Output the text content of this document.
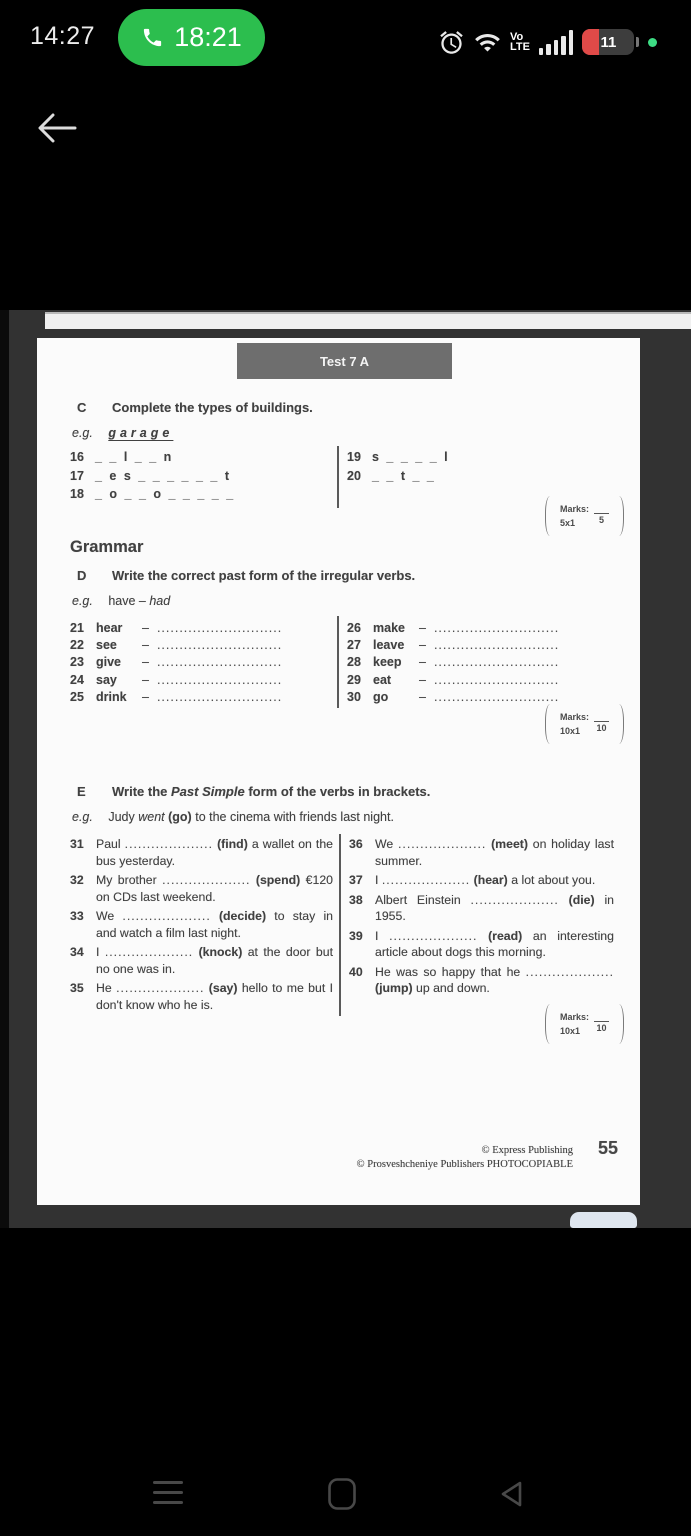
14:27	18:21	Vo
LTE	11
Test 7 A
C Complete the types of buildings.
e.g. garage
16 _ _ l _ _ n
17 _ e s _ _ _ _ _ _ t
18 _ o _ _ o _ _ _ _ _
19 s _ _ _ _ l
20 _ _ t _ _
Marks:
5x1	5
Grammar
D Write the correct past form of the irregular verbs.
e.g. have – had
21 hear	– ............................
22 see	– ............................
23 give	– ............................
24 say	– ............................
25 drink	– ............................
26 make	– ............................
27 leave	– ............................
28 keep	– ............................
29 eat	– ............................
30 go	– ............................
Marks:
10x1	10
E Write the Past Simple form of the verbs in brackets.
e.g. Judy went (go) to the cinema with friends last night.
31	Paul .................... (find) a wallet on the bus yesterday.
32	My brother .................... (spend) €120 on CDs last weekend.
33	We .................... (decide) to stay in and watch a film last night.
34	I .................... (knock) at the door but no one was in.
35	He .................... (say) hello to me but I don't know who he is.
36	We .................... (meet) on holiday last summer.
37	I .................... (hear) a lot about you.
38	Albert Einstein .................... (die) in 1955.
39	I .................... (read) an interesting article about dogs this morning.
40	He was so happy that he .................... (jump) up and down.
Marks:
10x1	10
© Express Publishing
© Prosveshcheniye Publishers PHOTOCOPIABLE
55
